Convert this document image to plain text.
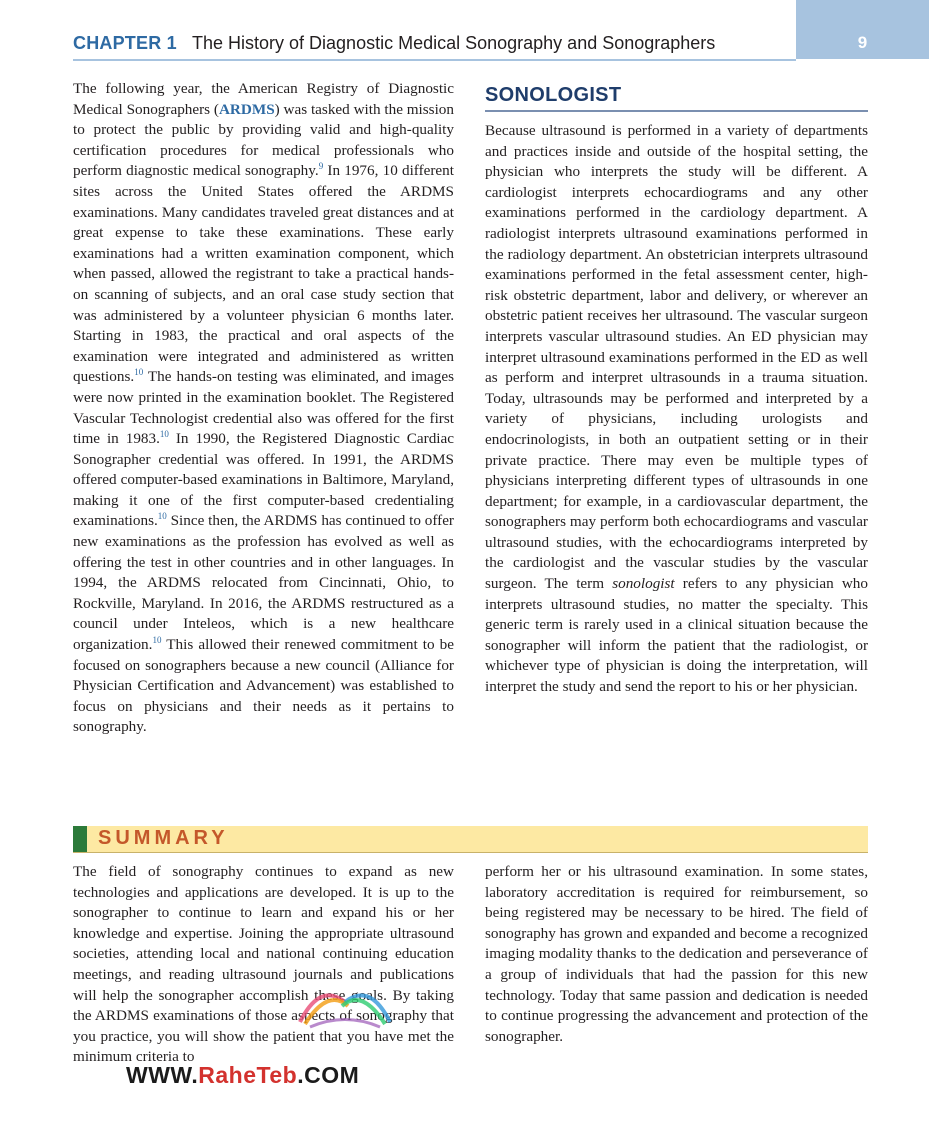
CHAPTER 1 The History of Diagnostic Medical Sonography and Sonographers	9

The following year, the American Registry of Diagnostic Medical Sonographers (ARDMS) was tasked with the mission to protect the public by providing valid and high-quality certification procedures for medical professionals who perform diagnostic medical sonography.$^9$ In 1976, 10 different sites across the United States offered the ARDMS examinations. Many candidates traveled great distances and at great expense to take these examinations. These early examinations had a written examination component, which when passed, allowed the registrant to take a practical hands-on scanning of subjects, and an oral case study section that was administered by a volunteer physician 6 months later. Starting in 1983, the practical and oral aspects of the examination were integrated and administered as written questions.$^{10}$ The hands-on testing was eliminated, and images were now printed in the examination booklet. The Registered Vascular Technologist credential also was offered for the first time in 1983.10 In 1990, the Registered Diagnostic Cardiac Sonographer credential was offered. In 1991, the ARDMS offered computer-based examinations in Baltimore, Maryland, making it one of the first computer-based credentialing examinations.$^{10}$ Since then, the ARDMS has continued to offer new examinations as the profession has evolved as well as offering the test in other countries and in other languages. In 1994, the ARDMS relocated from Cincinnati, Ohio, to Rockville, Maryland. In 2016, the ARDMS restructured as a council under Inteleos, which is a new healthcare organization.$^{10}$ This allowed their renewed commitment to be focused on sonographers because a new council (Alliance for Physician Certification and Advancement) was established to focus on physicians and their needs as it pertains to sonography.

SONOLOGIST

Because ultrasound is performed in a variety of departments and practices inside and outside of the hospital setting, the physician who interprets the study will be different. A cardiologist interprets echocardiograms and any other examinations performed in the cardiology department. A radiologist interprets ultrasound examinations performed in the radiology department. An obstetrician interprets ultrasound examinations performed in the fetal assessment center, high-risk obstetric department, labor and delivery, or wherever an obstetric patient receives her ultrasound. The vascular surgeon interprets vascular ultrasound studies. An ED physician may interpret ultrasound examinations performed in the ED as well as perform and interpret ultrasounds in a trauma situation. Today, ultrasounds may be performed and interpreted by a variety of physicians, including urologists and endocrinologists, in both an outpatient setting or in their private practice. There may even be multiple types of physicians interpreting different types of ultrasounds in one department; for example, in a cardiovascular department, the sonographers may perform both echocardiograms and vascular ultrasound studies, with the echocardiograms interpreted by the cardiologist and the vascular studies by the vascular surgeon. The term sonologist refers to any physician who interprets ultrasound studies, no matter the specialty. This generic term is rarely used in a clinical situation because the sonographer will inform the patient that the radiologist, or whichever type of physician is doing the interpretation, will interpret the study and send the report to his or her physician.

SUMMARY

The field of sonography continues to expand as new technologies and applications are developed. It is up to the sonographer to continue to learn and expand his or her knowledge and expertise. Joining the appropriate ultrasound societies, attending local and national continuing education meetings, and reading ultrasound journals and publications will help the sonographer accomplish these goals. By taking the ARDMS examinations of those aspects of sonography that you practice, you will show the patient that you have met the minimum criteria to

perform her or his ultrasound examination. In some states, laboratory accreditation is required for reimbursement, so being registered may be necessary to be hired. The field of sonography has grown and expanded and become a recognized imaging modality thanks to the dedication and perseverance of a group of individuals that had the passion for this new technology. Today that same passion and dedication is needed to continue progressing the advancement and protection of the sonographer.

WWW.RaheTeb.COM
